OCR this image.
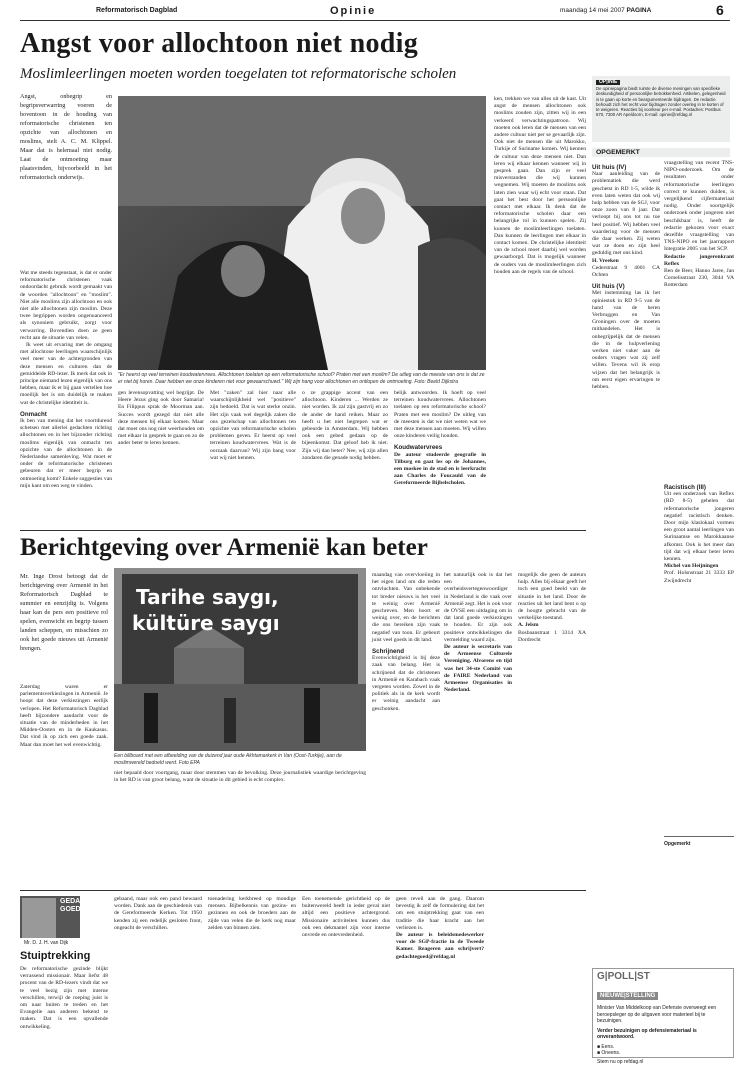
Reformatorisch Dagblad	Opinie	maandag 14 mei 2007 PAGINA	6
Angst voor allochtoon niet nodig
Moslimleerlingen moeten worden toegelaten tot reformatorische scholen
Angst, onbegrip en begripsverwarring voeren de boventoon in de houding van reformatorische christenen ten opzichte van allochtonen en moslims, stelt A. C. M. Klippel. Maar dat is helemaal niet nodig. Laat de ontmoeting maar plaatsvinden, bijvoorbeeld in het reformatorisch onderwijs.

Wat me steeds tegenstaat, is dat er onder reformatorische christenen vaak ondoordacht gebruik wordt gemaakt van de woorden "allochtoon" en "moslim". Niet alle moslims zijn allochtoon en ook niet alle allochtonen zijn moslim. Deze twee begrippen worden ongenuanceerd als synoniem gebruikt, zorgt voor verwarring. Bovendien doen ze geen recht aan de situatie van velen.

Ik weet uit ervaring met de omgang met allochtone leerlingen waarschijnlijk veel meer van de achtergronden van deze mensen en culturen dan de gemiddelde RD-lezer. Ik merk dat ook in principe niemand lezen eigenlijk van ons hebben, maar ik er bij gaan vertellen hoe moeilijk het is om duidelijk te maken wat de christelijke identiteit is.

Onmacht

Ik ben van mening dat het voortdurend schetsen met allerlei gedachten richting allochtonen en in het bijzonder richting moslims eigenlijk van onmacht ten opzichte van de allochtonen in de Nederlandse samenleving. Wat moet er onder de reformatorische christenen gebeuren dat er meer begrip en ontmoeting komt? Enkele suggesties van mijn kant om een weg te vinden.

"Er heerst op veel terreinen koudwatervrees. Allochtonen toelaten op een reformatorische school? Praten met een moslim? De uitleg van de meeste van ons is dat ze er niet bij horen. Daar hebben we onze kinderen niet voor gewaarschuwd." Wij zijn hang voor allochtonen en ontlopen de ontmoeting. Foto: Beeld Dijkstra

gen levensopvatting wel begrijpt. De Heere Jezus ging ook door Samaria! En Filippus sprak de Moorman aan. Succes wordt gezegd dat niet alle deze mensen bij elkaar komen. Maar dat moet ons nog niet weerhouden om met elkaar in gesprek te gaan en zo de ander beter te leren kennen.

Met "zaken" zal hier naar alle waarschijnlijkheid wel "positieve" zijn bedoeld. Dat is wat sterke onzin. Het zijn vaak wel degelijk zaken die ons gezelschap van allochtonen ten opzichte van reformatorische scholen problemen geven. Er heerst op veel terreinen koudwatervrees. Wat is de oorzaak daarvan? Wij zijn bang voor wat wij niet kennen.

o ze grappige accent van een allochtoon. Kinderen ... Werden ze niet worden. Ik zal zijn gastvrij en zo de ander de hand reiken. Maar zo heeft u het niet begrepen wat er gebeurde in Amsterdam. Wij hebben ook een gebed gedaan op de bijeenkomst. Dat geloof heb ik niet. Zijn wij dan beter? Nee, wij zijn allen zondaren die genade nodig hebben.

belijk antwoorden. Ik hoeft op veel terreinen koudwatervrees. Allochtonen toelaten op een reformatorische school? Praten met een moslim? De uitleg van de meesten is dat we niet weten wat we met deze mensen aan moeten. Wij willen onze kinderen veilig houden.

Koudwatervrees

De auteur studeerde geografie in Tilburg en gaat les op de Johannes, een moskee in de stad en is leerkracht aan Charles de Foucauld van de Gereformeerde Bijbelscholen.

ken, trekken we van alles uit de kast. Uit angst de mensen allochtonen ook moslims zouden zijn, zitten wij in een verkeerd verwachtingspatroon. Wij moeten ook leren dat de mensen van een andere cultuur niet per se gevaarlijk zijn. Ook niet de mensen die uit Marokko, Turkije of Suriname komen. Wij kennen de cultuur van deze mensen niet. Dan leren wij elkaar kennen wanneer wij in gesprek gaan. Dan zijn er veel misverstanden die wij kunnen wegnemen. Wij moeten de moslims ook laten zien waar wij echt voor staan. Dat gaat het best door het persoonlijke contact met elkaar. Ik denk dat de reformatorische scholen daar een belangrijke rol in kunnen spelen. Zij kunnen de moslimleerlingen toelaten. Dan kunnen de leerlingen met elkaar in contact komen. De christelijke identiteit van de school moet daarbij wel worden gewaarborgd. Dat is mogelijk wanneer de ouders van de moslimleerlingen zich houden aan de regels van de school.

OP|INIE
De opiniepagina biedt ruimte de diverse meningen van specifieke deskundigheid of persoonlijke betrokkenheid. Artikelen, gelegenheid is te gaan op korte en beargumenteerde bijdragen. De redactie behoudt zich het recht voor bijdragen zonder overleg in te korten of te weigeren. Reacties bij voorkeur per e-mail. Postadres: Postbus 670, 7300 AR Apeldoorn, E-mail: opinie@refdag.nl
OPGEMERKT
Uit huis (IV)

Naar aanleiding van de problematiek die werd geschetst in RD 1-5, wilde ik even laten weten dat ook wij hulp hebben van de SGJ, voor onze zoon van 8 jaar. Dat verloopt bij ons tot nu toe heel positief. Wij hebben veel waardering voor de mensen die daar werken. Zij weten wat ze doen en zijn heel geduldig met ons kind.

H. Vreeken

Cederstraat 9 4001 CA Ochten

Uit huis (V)

Met instemming las ik het opiniestuk in RD 9-5 van de hand van de heren Verbruggen en Van Groningen over de moeten mithandelen. Het is onbegrijpelijk dat de mensen die in de hulpverlening werken niet vaker aan de ouders vragen wat zij zelf willen. Tevens wil ik erop wijzen dat het belangrijk is om eerst eigen ervaringen te hebben.

vraagstelling van recent TNS-NIPO-onderzoek. Om de resultaten onder reformatorische leerlingen correct te kunnen duiden, is vergelijkend cijfermateriaal nodig. Onder soortgelijk onderzoek onder jongeren niet beschikbaar is, heeft de redactie gekozen voor exact dezelfde vraagstelling van TNS-NIPO en het jaarrapport Integratie 2005 van het SCP.

Redactie jongerenkrant Reflex

Ben de Beer, Hanno Jaree, Jan Cornelisstraat 230, 3044 VA Rotterdam

Racistisch (III)

Uit een onderzoek van Reflex (RD 8-5) gehelen dat refermatorische jongeren negatief racistisch denken. Door mijn klaslokaal vormen een groot aantal leerlingen van Surinaamse en Marokkaanse afkomst. Ook is het meer dan tijd dat wij elkaar beter leren kennen.

Michel van Heijningen

Prof. Holsnstraat 21 3333 EP Zwijndrecht

Opgemerkt
Berichtgeving over Armenië kan beter
Mr. Inge Drost betoogt dat de berichtgeving over Armenië in het Reformatorisch Dagblad te summier en eenzijdig is. Volgens haar kan de pers een positieve rol spelen, evenwicht en begrip tussen landen scheppen, en misschien zo ook het goede nieuws uit Armenië brengen.
Zaterdag waren er parlementsverkiezingen in Armenië. Je hoopt dat deze verkiezingen eerlijk verlopen. Het Reformatorisch Dagblad heeft bijzondere aandacht voor de situatie van de minderheden in het Midden-Oosten en in de Kaukasus. Dat vind ik op zich een goede zaak. Maar dan moet het wel evenwichtig.
Tarihe saygı,
kültüre saygı
Een billboard met een afbeelding van de duizend jaar oude Akhtamarkerk in Van (Oost-Turkije), aan de moslimwereld bedoeld werd. Foto EPA
niet bepaald door voortgang, maar door stemmen van de bevolking. Deze journalistiek waardige berichtgeving in het RD is van groot belang, want de situatie in dit gebied is echt complex.

maandag van overvloeiing in het eigen land om die reden ontvluchten. Van onbekende tot breder nieuws is het veel te weinig over Armenië geschreven. Men hoort er weinig over, en de berichten die ons bereiken zijn vaak negatief van toon. Er gebeurt juist veel goeds in dit land.

Schrijnend

Evenwichtigheid is bij deze zaak van belang. Het is schrijnend dat de christenen in Armenië en Karabach vaak vergeten worden. Zowel in de politiek als in de kerk wordt er weinig aandacht aan geschonken.

het natuurlijk ook is dat het een overheidsvertegenwoordiger in Nederland is die vaak over Armenië zegt. Het is ook voor de OVSE een uitdaging om in dat land goede verkiezingen te houden. Er zijn ook positieve ontwikkelingen die vermelding waard zijn.

De auteur is secretaris van de Armeense Culturele Vereniging. Alvorens en tijd was het 34-ste Comité van de FAIRE Nederland van Armeense Organisaties in Nederland.

mogelijk die geen de auteurs hulp. Alles bij elkaar geeft het toch een goed beeld van de situatie in het land. Door de reacties uit het land bent u op de hoogte gebracht van de werkelijke toestand.

A. Jelsm

Bosbaanstraat 1 3314 XA Dordrecht

GEDACHTE
GOED
Mr. D. J. H. van Dijk
Stuiptrekking
De reformatorische gezinde blijkt verrassend missionair. Maar liefst 48 procent van de RD-lezers vindt dat we te veel bezig zijn met interne verschillen, terwijl de roeping juist is om naar buiten te treden en het Evangelie aan anderen bekend te maken. Dat is een opvallende ontwikkeling.
gebaand, maar ook een pand bewaard worden. Dank aan de geschiedenis van de Gereformeerde Kerken. Tot 1950 kenden zij een redelijk gesloten front, ongeacht de verschillen.
toenadering kerkbreed op mondige mensen. Bijbelkennis van gezins- en gezinnen en ook de broeders aan de zijde van velen die de kerk nog maar zelden van binnen zien.
Een toenemende gerichtheid op de buitenwereld heeft in ieder geval niet altijd een positieve achtergrond. Missionaire activiteiten kunnen dus ook een dekmantel zijn voor interne onvrede en ontevredenheid.

geen reveil aan de gang. Daarom bevestig ik zelf de formulering dat het om een stuiptrekking gaat van een traditie die haar kracht aan het verliezen is.

De auteur is beleidsmedewerker voor de SGP-fractie in de Tweede Kamer. Reageren aan schrijvert? gedachtegoed@refdag.nl

G|POLL|ST
NIEUWE|STELLING
Minister Van Middelkoop van Defensie overweegt een beroepsleger op de uitgaven voor materieel bij te bezuinigen.
Verder bezuinigen op defensiemateriaal is onverantwoord.
■ Eens.
■ Oneens.
Stem nu op refdag.nl
